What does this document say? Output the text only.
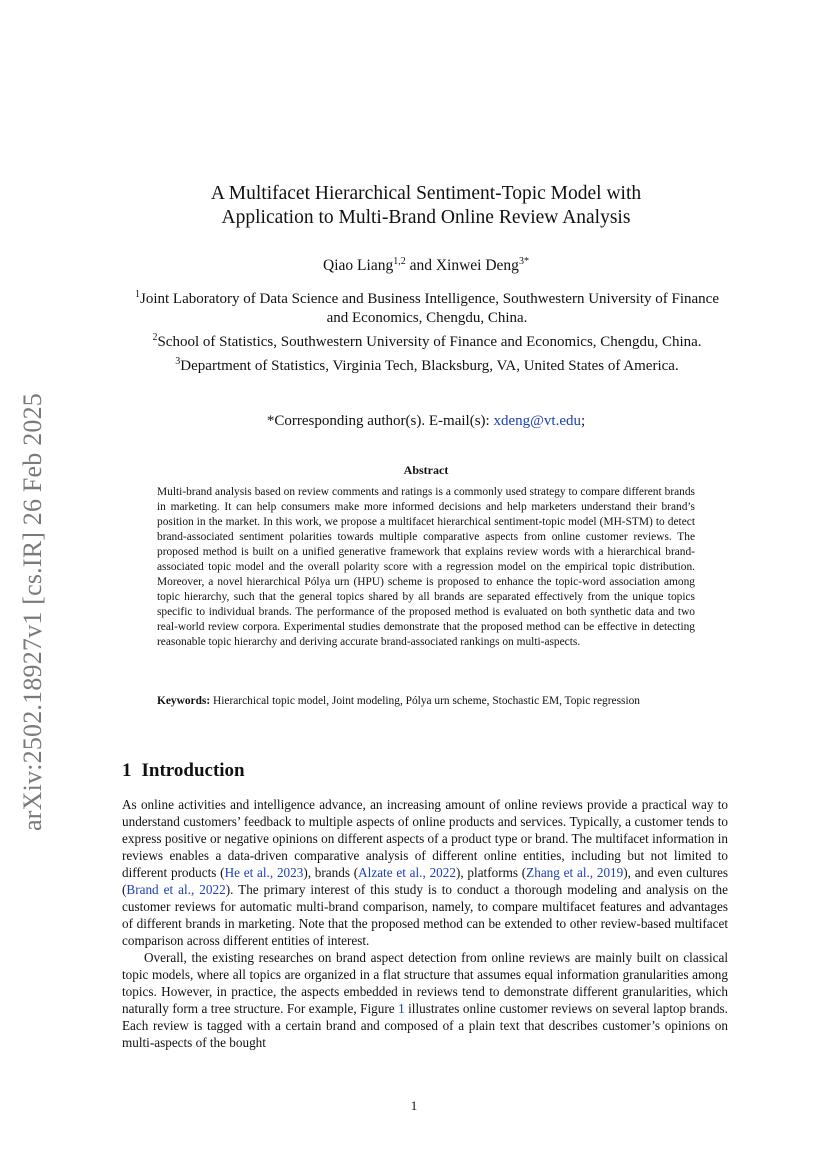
arXiv:2502.18927v1 [cs.IR] 26 Feb 2025
A Multifacet Hierarchical Sentiment-Topic Model with
Application to Multi-Brand Online Review Analysis
Qiao Liang$^{1,2}$ and Xinwei Deng$^{3*}$
$^1$Joint Laboratory of Data Science and Business Intelligence, Southwestern University of Finance and Economics, Chengdu, China.
$^2$School of Statistics, Southwestern University of Finance and Economics, Chengdu, China.
$^3$Department of Statistics, Virginia Tech, Blacksburg, VA, United States of America.
*Corresponding author(s). E-mail(s): xdeng@vt.edu;
Abstract
Multi-brand analysis based on review comments and ratings is a commonly used strategy to compare different brands in marketing. It can help consumers make more informed decisions and help marketers understand their brand’s position in the market. In this work, we propose a multifacet hierarchical sentiment-topic model (MH-STM) to detect brand-associated sentiment polarities towards multiple comparative aspects from online customer reviews. The proposed method is built on a unified generative framework that explains review words with a hierarchical brand-associated topic model and the overall polarity score with a regression model on the empirical topic distribution. Moreover, a novel hierarchical Pólya urn (HPU) scheme is proposed to enhance the topic-word association among topic hierarchy, such that the general topics shared by all brands are separated effectively from the unique topics specific to individual brands. The performance of the proposed method is evaluated on both synthetic data and two real-world review corpora. Experimental studies demonstrate that the proposed method can be effective in detecting reasonable topic hierarchy and deriving accurate brand-associated rankings on multi-aspects.
Keywords: Hierarchical topic model, Joint modeling, Pólya urn scheme, Stochastic EM, Topic regression
1 Introduction

As online activities and intelligence advance, an increasing amount of online reviews provide a practical way to understand customers’ feedback to multiple aspects of online products and services. Typically, a customer tends to express positive or negative opinions on different aspects of a product type or brand. The multifacet information in reviews enables a data-driven comparative analysis of different online entities, including but not limited to different products (He et al., 2023), brands (Alzate et al., 2022), platforms (Zhang et al., 2019), and even cultures (Brand et al., 2022). The primary interest of this study is to conduct a thorough modeling and analysis on the customer reviews for automatic multi-brand comparison, namely, to compare multifacet features and advantages of different brands in marketing. Note that the proposed method can be extended to other review-based multifacet comparison across different entities of interest.

Overall, the existing researches on brand aspect detection from online reviews are mainly built on classical topic models, where all topics are organized in a flat structure that assumes equal information granularities among topics. However, in practice, the aspects embedded in reviews tend to demonstrate different granularities, which naturally form a tree structure. For example, Figure 1 illustrates online customer reviews on several laptop brands. Each review is tagged with a certain brand and composed of a plain text that describes customer’s opinions on multi-aspects of the bought

1
